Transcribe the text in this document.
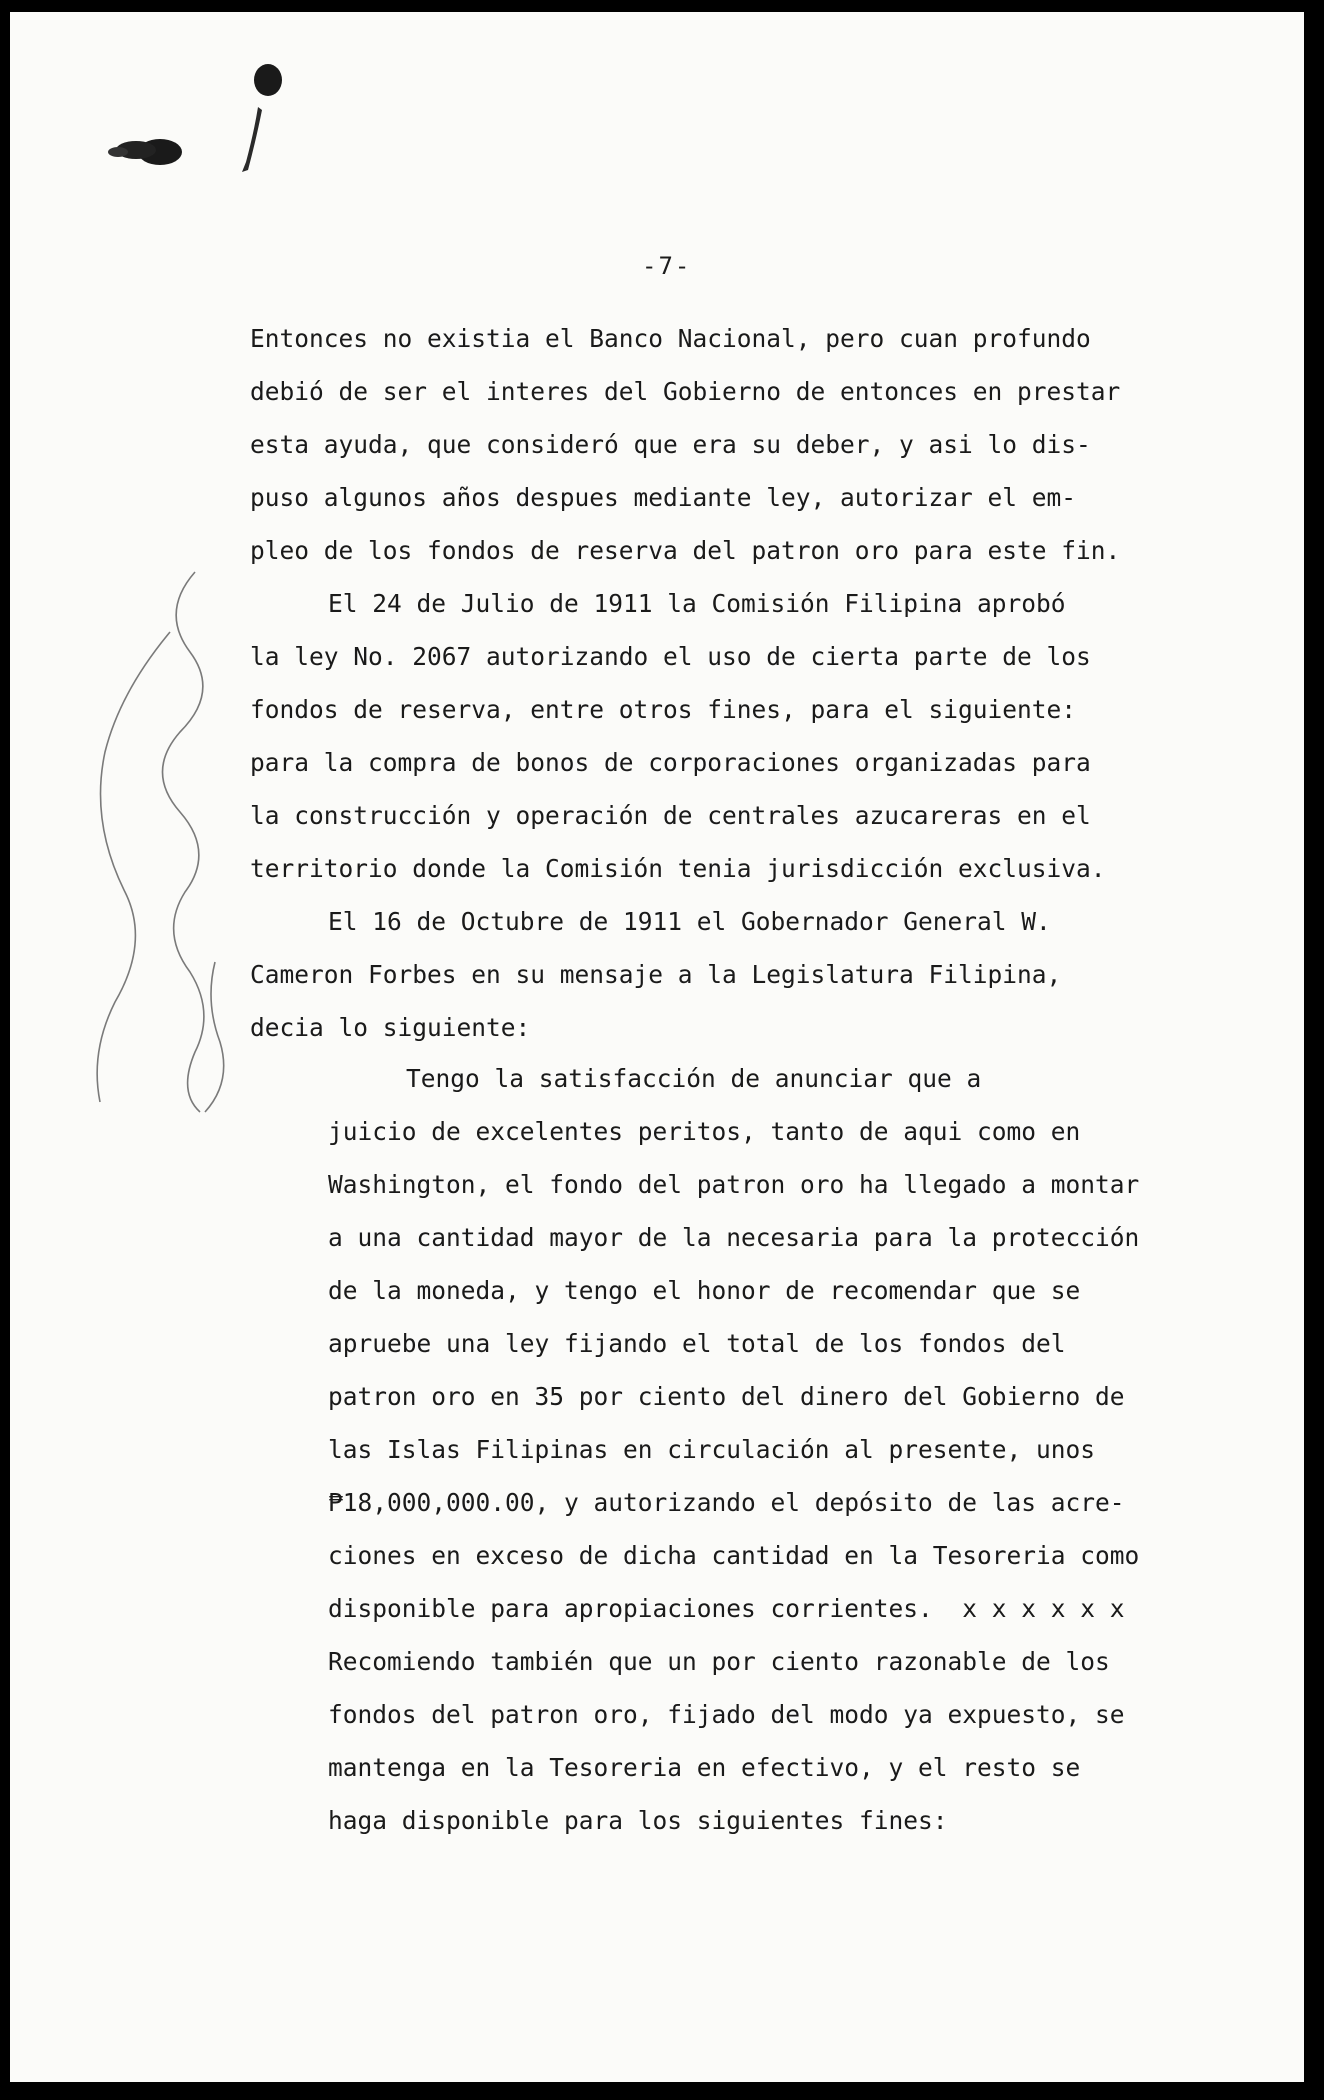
-7-
Entonces no existia el Banco Nacional, pero cuan profundo
debió de ser el interes del Gobierno de entonces en prestar
esta ayuda, que consideró que era su deber, y asi lo dis-
puso algunos años despues mediante ley, autorizar el em-
pleo de los fondos de reserva del patron oro para este fin.
El 24 de Julio de 1911 la Comisión Filipina aprobó
la ley No. 2067 autorizando el uso de cierta parte de los
fondos de reserva, entre otros fines, para el siguiente:
para la compra de bonos de corporaciones organizadas para
la construcción y operación de centrales azucareras en el
territorio donde la Comisión tenia jurisdicción exclusiva.
El 16 de Octubre de 1911 el Gobernador General W.
Cameron Forbes en su mensaje a la Legislatura Filipina,
decia lo siguiente:
Tengo la satisfacción de anunciar que a
juicio de excelentes peritos, tanto de aqui como en
Washington, el fondo del patron oro ha llegado a montar
a una cantidad mayor de la necesaria para la protección
de la moneda, y tengo el honor de recomendar que se
apruebe una ley fijando el total de los fondos del
patron oro en 35 por ciento del dinero del Gobierno de
las Islas Filipinas en circulación al presente, unos
₱18,000,000.00, y autorizando el depósito de las acre-
ciones en exceso de dicha cantidad en la Tesoreria como
disponible para apropiaciones corrientes.  x x x x x x
Recomiendo también que un por ciento razonable de los
fondos del patron oro, fijado del modo ya expuesto, se
mantenga en la Tesoreria en efectivo, y el resto se
haga disponible para los siguientes fines:
